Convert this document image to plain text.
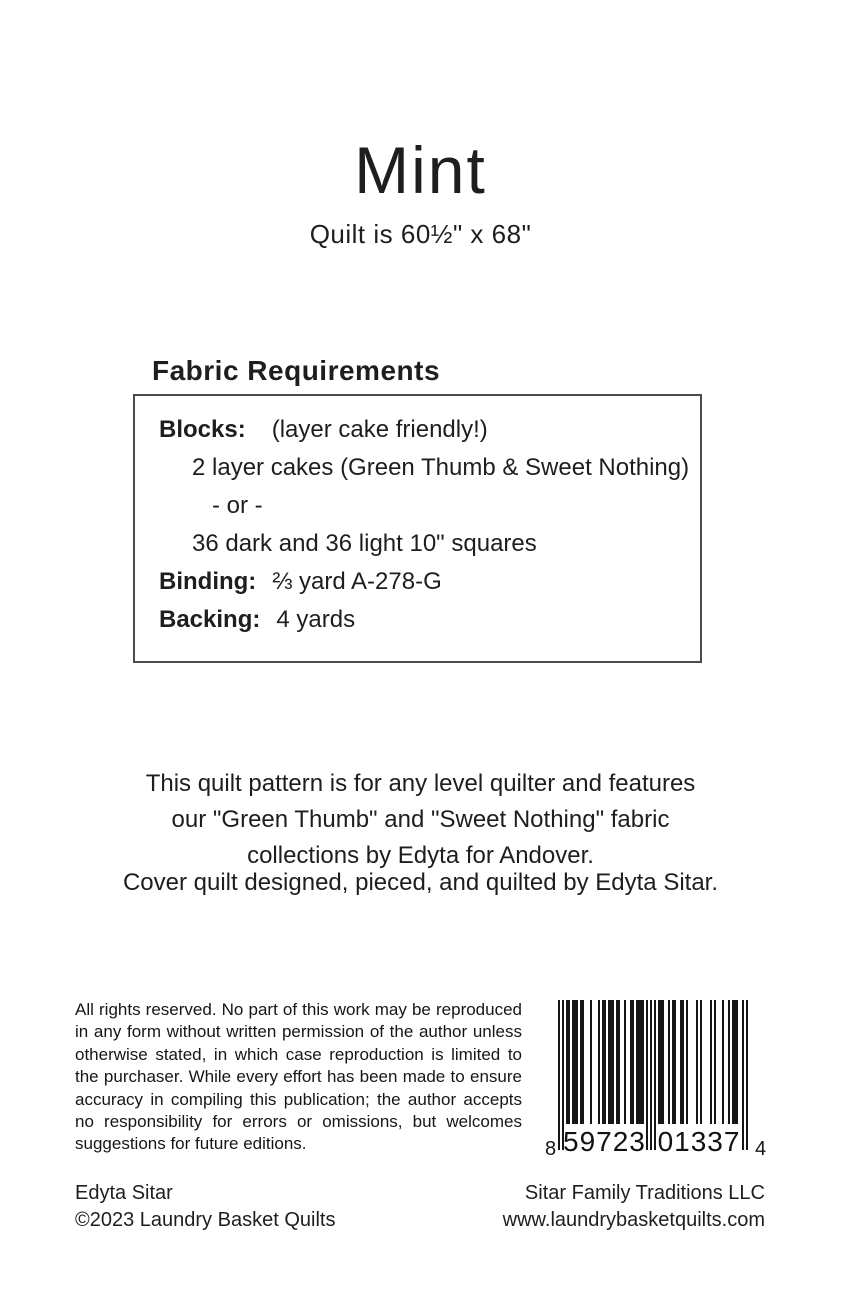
Mint
Quilt is 60½" x 68"
Fabric Requirements
Blocks: (layer cake friendly!)
2 layer cakes (Green Thumb & Sweet Nothing)
- or -
36 dark and 36 light 10" squares
Binding: ⅔ yard A-278-G
Backing: 4 yards
This quilt pattern is for any level quilter and features
our "Green Thumb" and "Sweet Nothing" fabric
collections by Edyta for Andover.
Cover quilt designed, pieced, and quilted by Edyta Sitar.
All rights reserved. No part of this work may be reproduced in any form without written permission of the author unless otherwise stated, in which case reproduction is limited to the purchaser. While every effort has been made to ensure accuracy in compiling this publication; the author accepts no responsibility for errors or omissions, but welcomes suggestions for future editions.	8 59723 01337 4
Edyta Sitar
©2023 Laundry Basket Quilts
Sitar Family Traditions LLC
www.laundrybasketquilts.com
